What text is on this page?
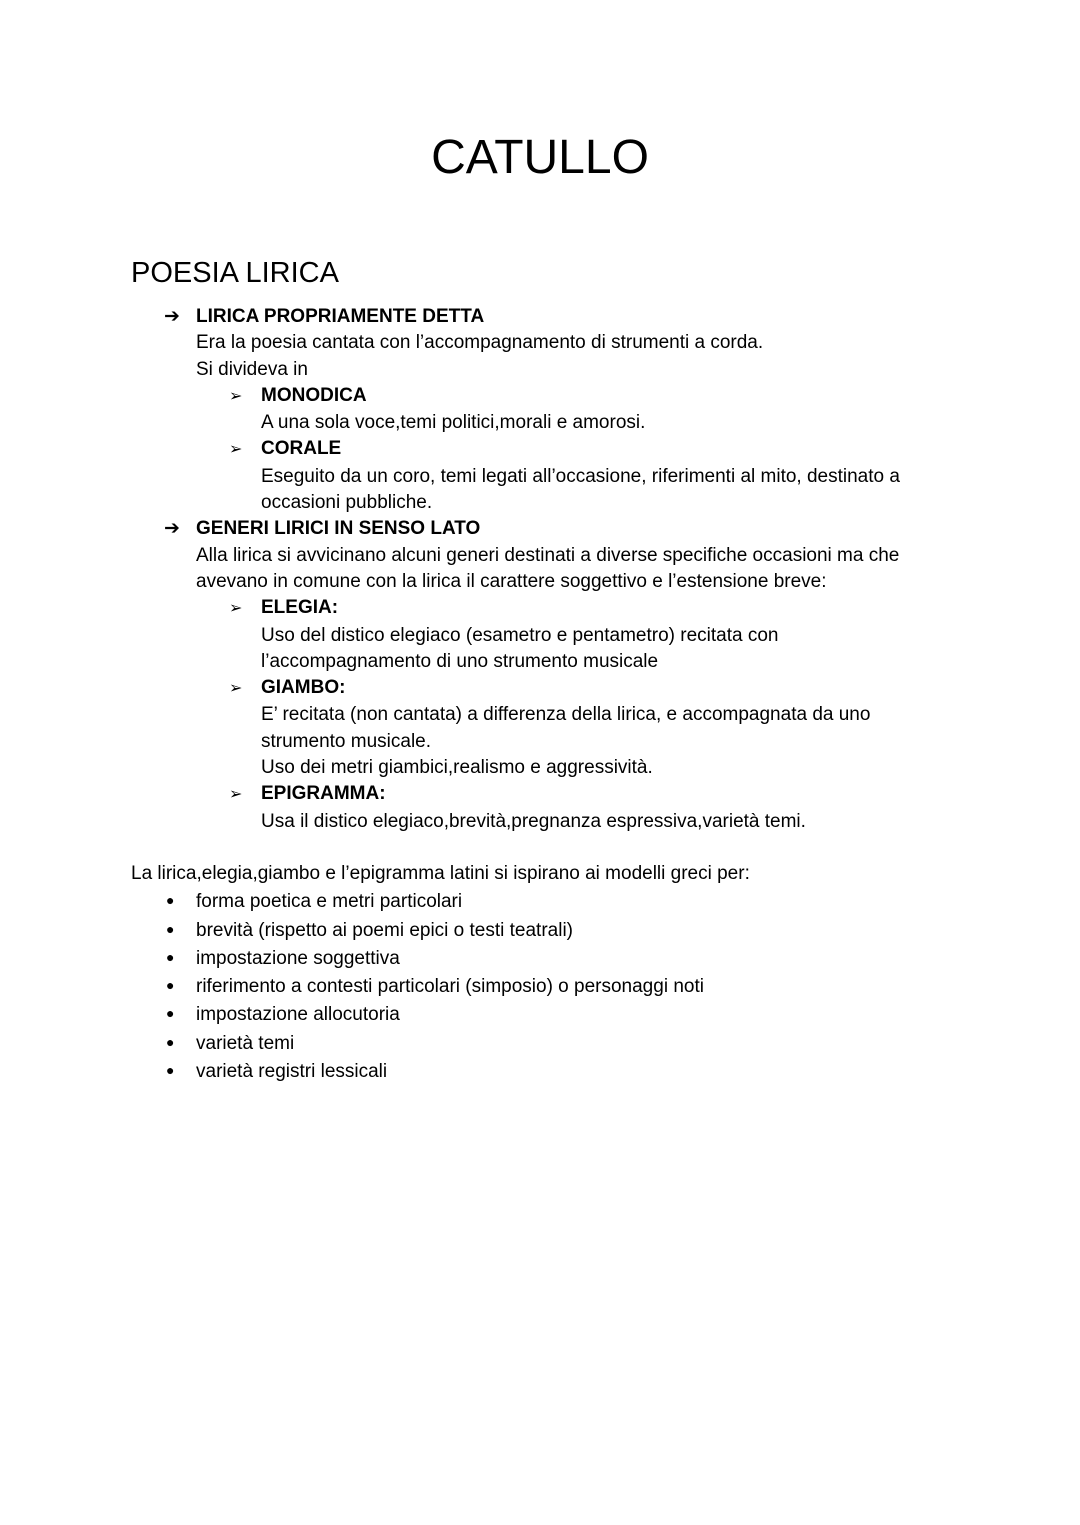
CATULLO
POESIA LIRICA
➔ LIRICA PROPRIAMENTE DETTA
Era la poesia cantata con l’accompagnamento di strumenti a corda.
Si divideva in
➢ MONODICA
A una sola voce,temi politici,morali e amorosi.
➢ CORALE
Eseguito da un coro, temi legati all’occasione, riferimenti al mito, destinato a
occasioni pubbliche.
➔ GENERI LIRICI IN SENSO LATO
Alla lirica si avvicinano alcuni generi destinati a diverse specifiche occasioni ma che
avevano in comune con la lirica il carattere soggettivo e l’estensione breve:
➢ ELEGIA:
Uso del distico elegiaco (esametro e pentametro) recitata con
l’accompagnamento di uno strumento musicale
➢ GIAMBO:
E’ recitata (non cantata) a differenza della lirica, e accompagnata da uno
strumento musicale.
Uso dei metri giambici,realismo e aggressività.
➢ EPIGRAMMA:
Usa il distico elegiaco,brevità,pregnanza espressiva,varietà temi.
La lirica,elegia,giambo e l’epigramma latini si ispirano ai modelli greci per:
● forma poetica e metri particolari
● brevità (rispetto ai poemi epici o testi teatrali)
● impostazione soggettiva
● riferimento a contesti particolari (simposio) o personaggi noti
● impostazione allocutoria
● varietà temi
● varietà registri lessicali
